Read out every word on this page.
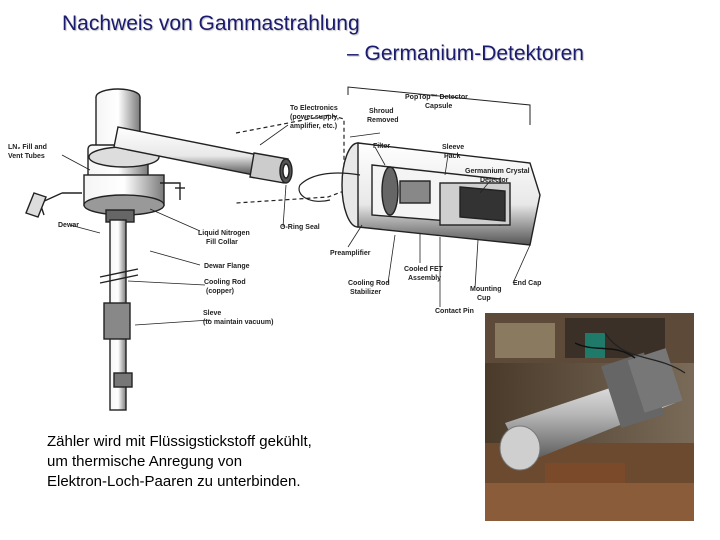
Nachweis von Gammastrahlung
– Germanium-Detektoren
LN₂ Fill and
Vent Tubes
Dewar
To Electronics
(power supply,
amplifier, etc.)
Shroud
Removed
PopTop™ Detector
Capsule
Filter	Sleeve
Pack
Germanium Crystal
Detector
O-Ring Seal
Liquid Nitrogen
Fill Collar
Preamplifier
Dewar Flange
Cooling Rod
(copper)
Cooled FET
Assembly
Cooling Rod
Stabilizer	Mounting
Cup
End Cap
Sleve
(to maintain vacuum)
Contact Pin
Zähler wird mit Flüssigstickstoff gekühlt,
um thermische Anregung von
Elektron-Loch-Paaren zu unterbinden.
